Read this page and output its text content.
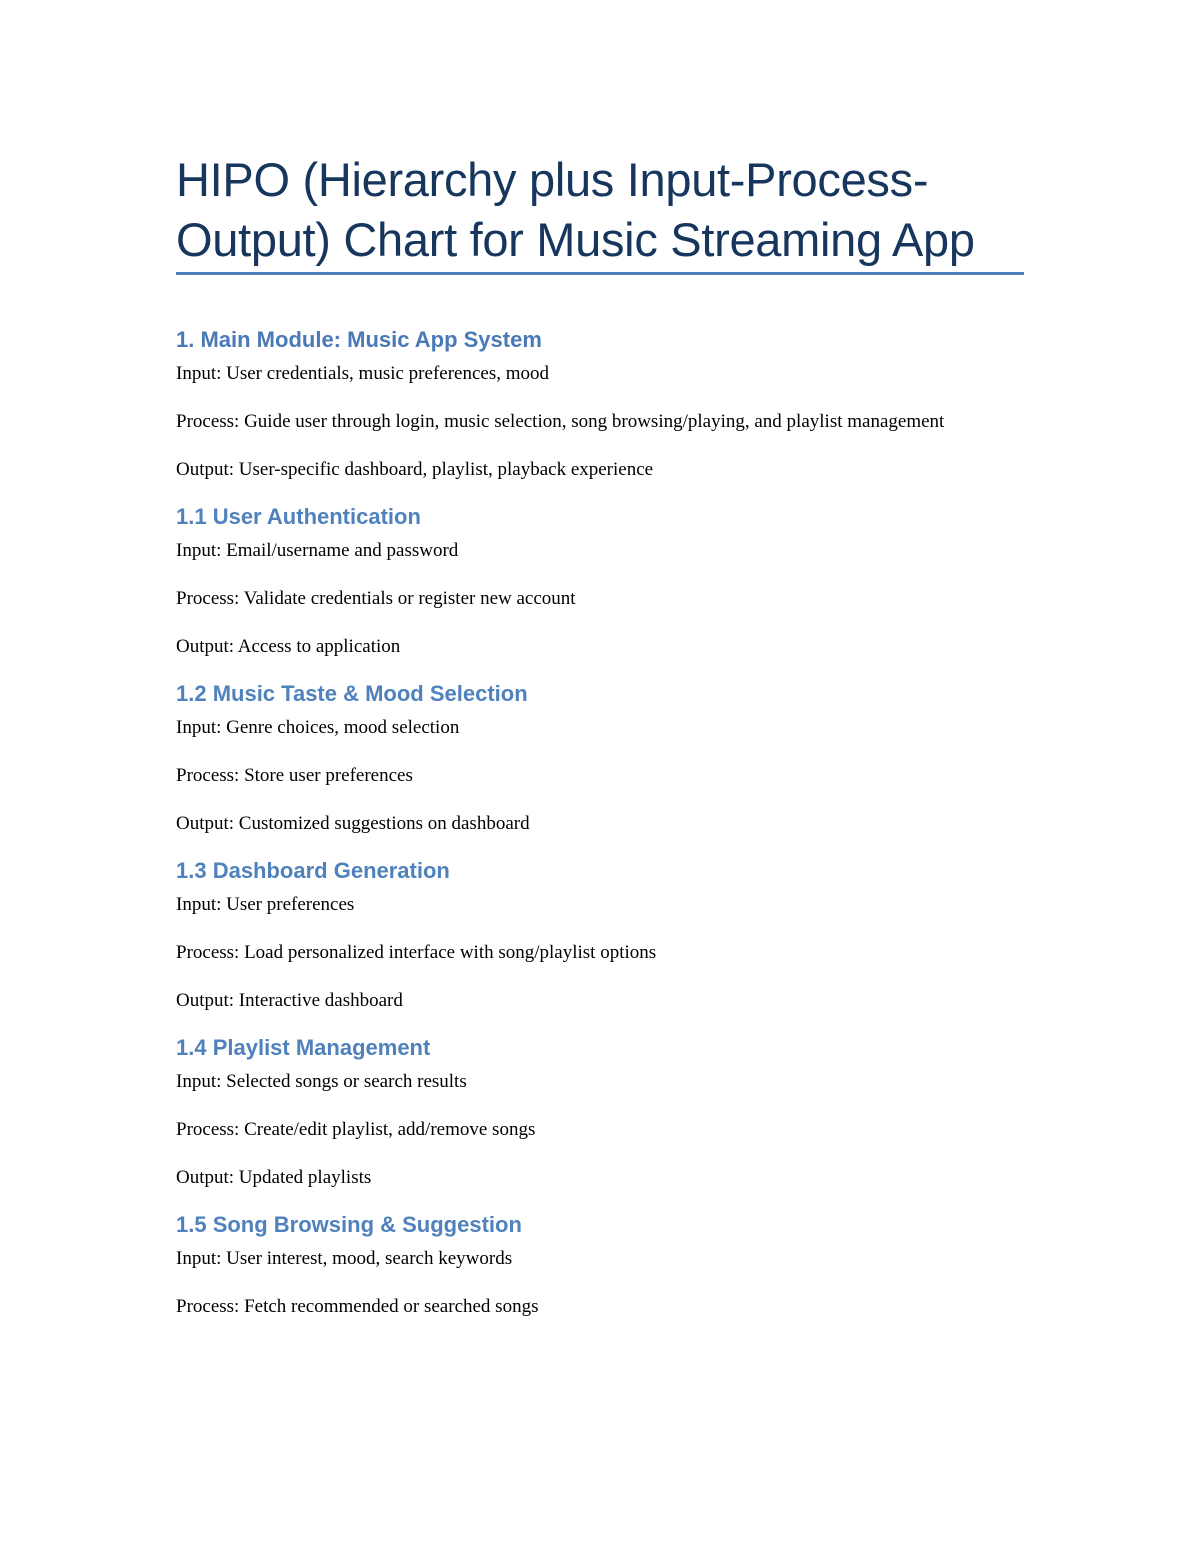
HIPO (Hierarchy plus Input-Process-
Output) Chart for Music Streaming App
1. Main Module: Music App System

Input: User credentials, music preferences, mood

Process: Guide user through login, music selection, song browsing/playing, and playlist management

Output: User-specific dashboard, playlist, playback experience

1.1 User Authentication

Input: Email/username and password

Process: Validate credentials or register new account

Output: Access to application

1.2 Music Taste & Mood Selection

Input: Genre choices, mood selection

Process: Store user preferences

Output: Customized suggestions on dashboard

1.3 Dashboard Generation

Input: User preferences

Process: Load personalized interface with song/playlist options

Output: Interactive dashboard

1.4 Playlist Management

Input: Selected songs or search results

Process: Create/edit playlist, add/remove songs

Output: Updated playlists

1.5 Song Browsing & Suggestion

Input: User interest, mood, search keywords

Process: Fetch recommended or searched songs
